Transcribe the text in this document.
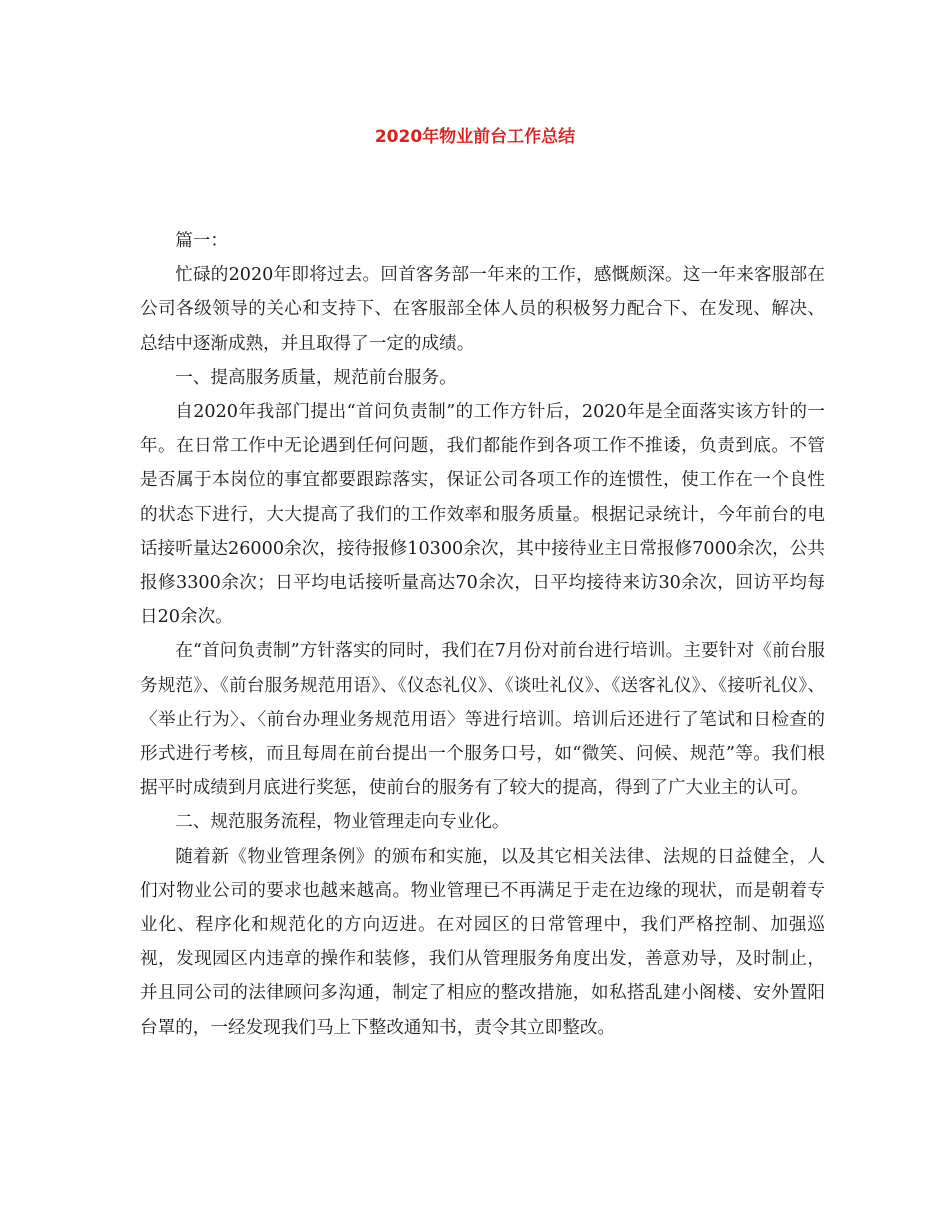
2020年物业前台工作总结

篇一：

忙碌的2020年即将过去。回首客务部一年来的工作，感慨颇深。这一年来客服部在公司各级领导的关心和支持下、在客服部全体人员的积极努力配合下、在发现、解决、总结中逐渐成熟，并且取得了一定的成绩。

一、提高服务质量，规范前台服务。

自2020年我部门提出“首问负责制”的工作方针后，2020年是全面落实该方针的一年。在日常工作中无论遇到任何问题，我们都能作到各项工作不推诿，负责到底。不管是否属于本岗位的事宜都要跟踪落实，保证公司各项工作的连惯性，使工作在一个良性的状态下进行，大大提高了我们的工作效率和服务质量。根据记录统计，今年前台的电话接听量达26000余次，接待报修10300余次，其中接待业主日常报修7000余次，公共报修3300余次；日平均电话接听量高达70余次，日平均接待来访30余次，回访平均每日20余次。

在“首问负责制”方针落实的同时，我们在7月份对前台进行培训。主要针对《前台服务规范》、《前台服务规范用语》、《仪态礼仪》、《谈吐礼仪》、《送客礼仪》、《接听礼仪》、〈举止行为〉、〈前台办理业务规范用语〉等进行培训。培训后还进行了笔试和日检查的形式进行考核，而且每周在前台提出一个服务口号，如“微笑、问候、规范”等。我们根据平时成绩到月底进行奖惩，使前台的服务有了较大的提高，得到了广大业主的认可。

二、规范服务流程，物业管理走向专业化。

随着新《物业管理条例》的颁布和实施，以及其它相关法律、法规的日益健全，人们对物业公司的要求也越来越高。物业管理已不再满足于走在边缘的现状，而是朝着专业化、程序化和规范化的方向迈进。在对园区的日常管理中，我们严格控制、加强巡视，发现园区内违章的操作和装修，我们从管理服务角度出发，善意劝导，及时制止，并且同公司的法律顾问多沟通，制定了相应的整改措施，如私搭乱建小阁楼、安外置阳台罩的，一经发现我们马上下整改通知书，责令其立即整改。
